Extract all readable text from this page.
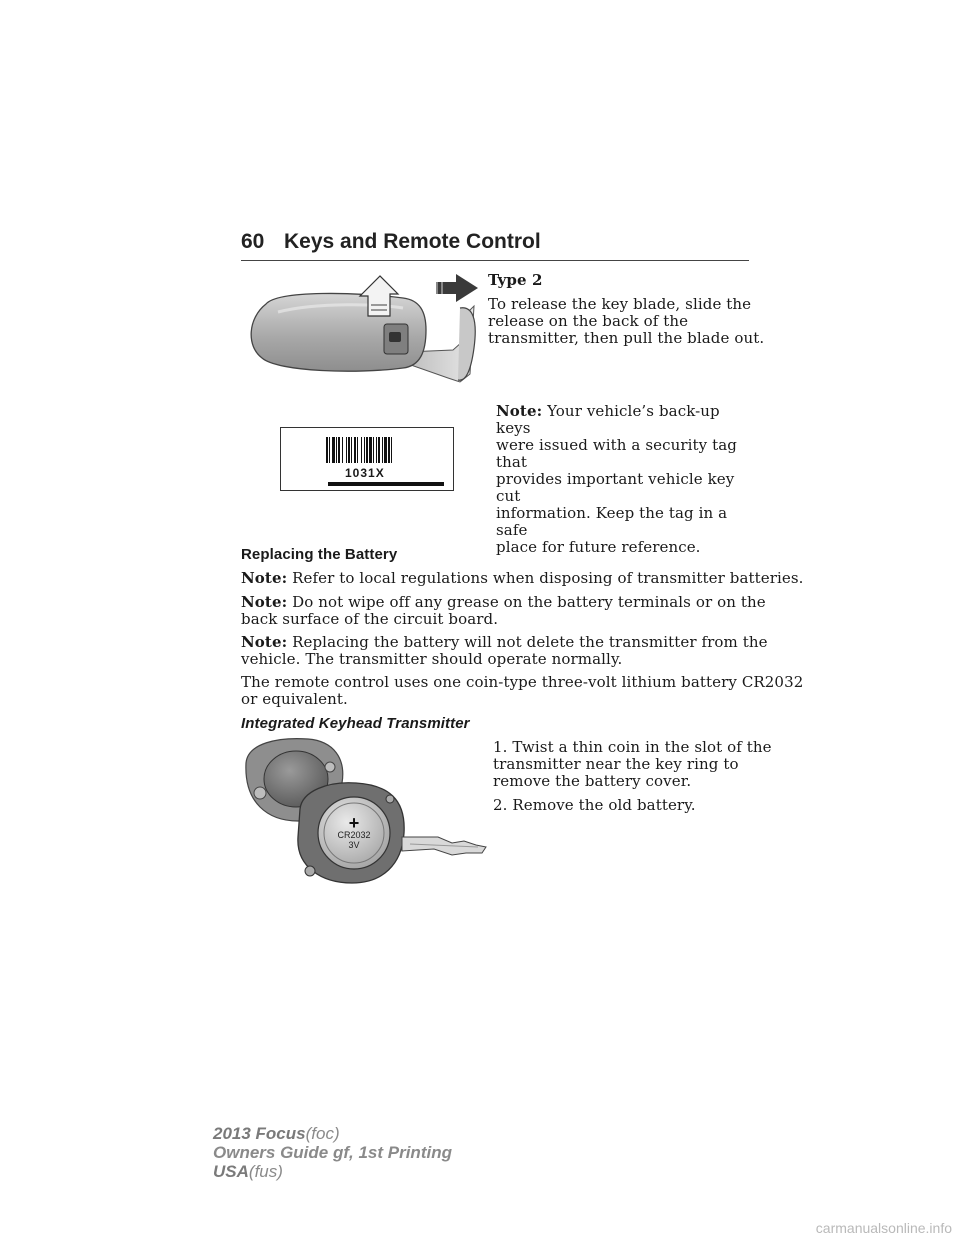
60 Keys and Remote Control
Type 2
To release the key blade, slide the
release on the back of the
transmitter, then pull the blade out.
1031X
Note: Your vehicle’s back-up keys
were issued with a security tag that
provides important vehicle key cut
information. Keep the tag in a safe
place for future reference.
Replacing the Battery
Note: Refer to local regulations when disposing of transmitter batteries.
Note: Do not wipe off any grease on the battery terminals or on the
back surface of the circuit board.
Note: Replacing the battery will not delete the transmitter from the
vehicle. The transmitter should operate normally.
The remote control uses one coin-type three-volt lithium battery CR2032
or equivalent.
Integrated Keyhead Transmitter
+
CR2032
3V
1. Twist a thin coin in the slot of the
transmitter near the key ring to
remove the battery cover.
2. Remove the old battery.
2013 Focus(foc)
Owners Guide gf, 1st Printing
USA(fus)
carmanualsonline.info
